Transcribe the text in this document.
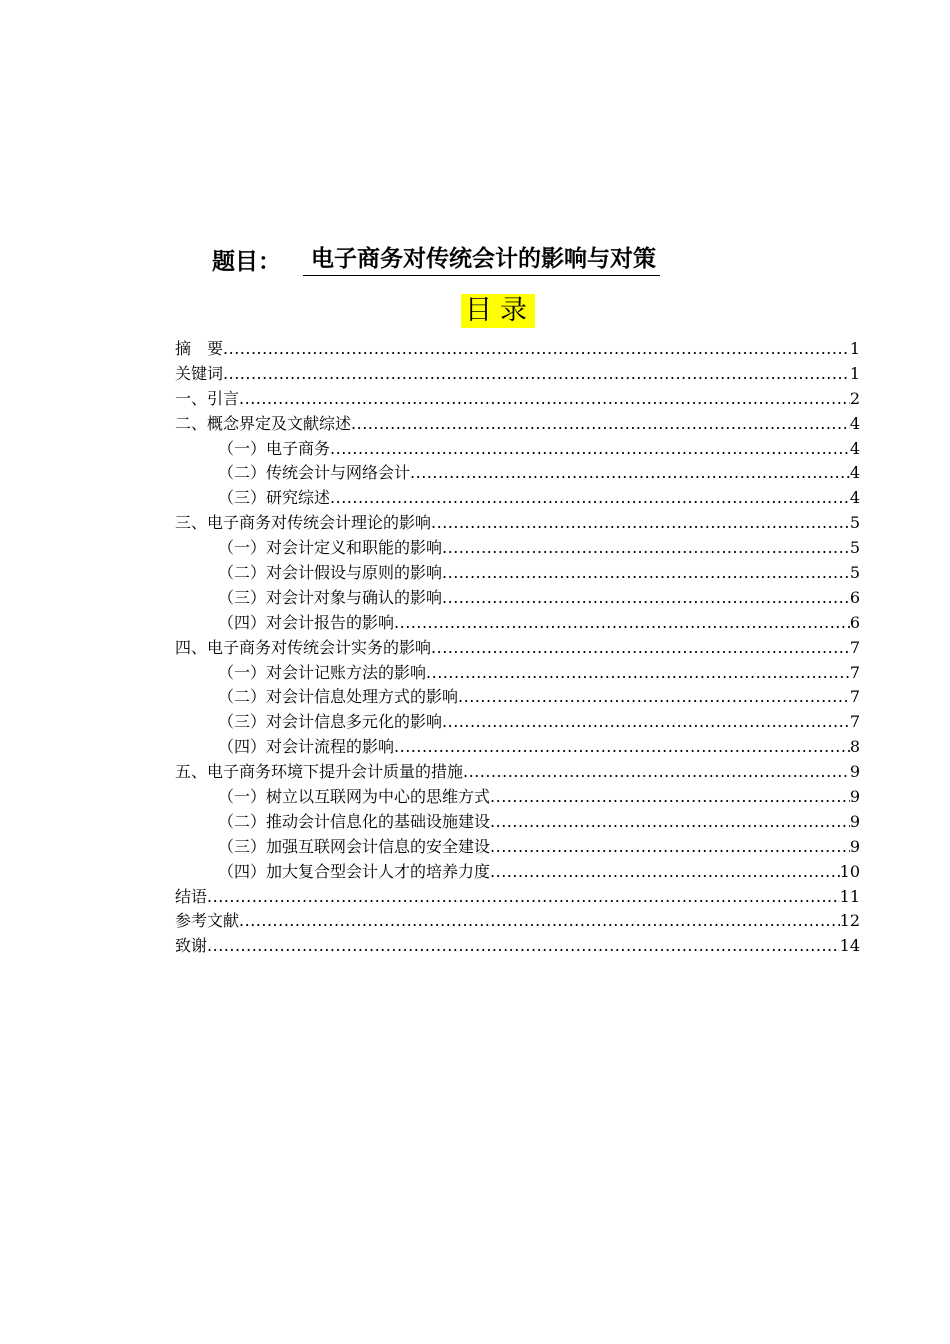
题目：	电子商务对传统会计的影响与对策
目录
摘　要 .....	1
关键词 .....	1
一、引言 .....	2
二、概念界定及文献综述 .....	4
（一）电子商务 .....	4
（二）传统会计与网络会计 .....	4
（三）研究综述 .....	4
三、电子商务对传统会计理论的影响 .....	5
（一）对会计定义和职能的影响 .....	5
（二）对会计假设与原则的影响 .....	5
（三）对会计对象与确认的影响 .....	6
（四）对会计报告的影响 .....	6
四、电子商务对传统会计实务的影响 .....	7
（一）对会计记账方法的影响 .....	7
（二）对会计信息处理方式的影响 .....	7
（三）对会计信息多元化的影响 .....	7
（四）对会计流程的影响 .....	8
五、电子商务环境下提升会计质量的措施 .....	9
（一）树立以互联网为中心的思维方式 .....	9
（二）推动会计信息化的基础设施建设 .....	9
（三）加强互联网会计信息的安全建设 .....	9
（四）加大复合型会计人才的培养力度 .....	10
结语 .....	11
参考文献 .....	12
致谢 .....	14
